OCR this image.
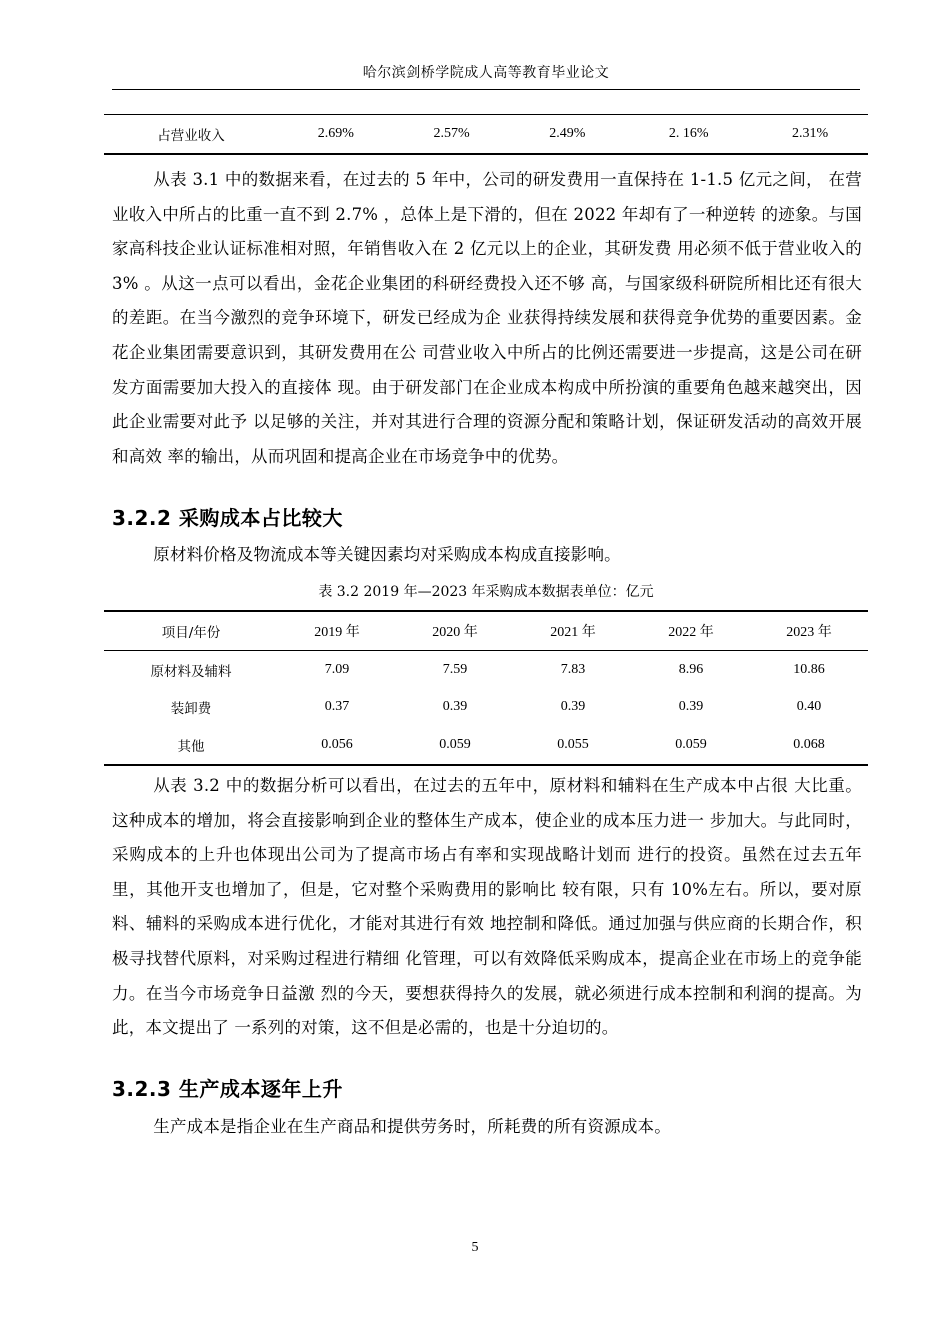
哈尔滨剑桥学院成人高等教育毕业论文
占营业收入	2.69%	2.57%	2.49%	2. 16%	2.31%
从表 3.1 中的数据来看，在过去的 5 年中，公司的研发费用一直保持在 1-1.5 亿元之间， 在营业收入中所占的比重一直不到 2.7% ，总体上是下滑的，但在 2022 年却有了一种逆转 的迹象。与国家高科技企业认证标准相对照，年销售收入在 2 亿元以上的企业，其研发费 用必须不低于营业收入的 3% 。从这一点可以看出，金花企业集团的科研经费投入还不够 高，与国家级科研院所相比还有很大的差距。在当今激烈的竞争环境下，研发已经成为企 业获得持续发展和获得竞争优势的重要因素。金花企业集团需要意识到，其研发费用在公 司营业收入中所占的比例还需要进一步提高，这是公司在研发方面需要加大投入的直接体 现。由于研发部门在企业成本构成中所扮演的重要角色越来越突出，因此企业需要对此予 以足够的关注，并对其进行合理的资源分配和策略计划，保证研发活动的高效开展和高效 率的输出，从而巩固和提高企业在市场竞争中的优势。
3.2.2 采购成本占比较大
原材料价格及物流成本等关键因素均对采购成本构成直接影响。
表 3.2 2019 年—2023 年采购成本数据表单位：亿元
项目/年份	2019 年	2020 年	2021 年	2022 年	2023 年
原材料及辅料	7.09	7.59	7.83	8.96	10.86
装卸费	0.37	0.39	0.39	0.39	0.40
其他	0.056	0.059	0.055	0.059	0.068
从表 3.2 中的数据分析可以看出，在过去的五年中，原材料和辅料在生产成本中占很 大比重。这种成本的增加，将会直接影响到企业的整体生产成本，使企业的成本压力进一 步加大。与此同时，采购成本的上升也体现出公司为了提高市场占有率和实现战略计划而 进行的投资。虽然在过去五年里，其他开支也增加了，但是，它对整个采购费用的影响比 较有限，只有 10%左右。所以，要对原料、辅料的采购成本进行优化，才能对其进行有效 地控制和降低。通过加强与供应商的长期合作，积极寻找替代原料，对采购过程进行精细 化管理，可以有效降低采购成本，提高企业在市场上的竞争能力。在当今市场竞争日益激 烈的今天，要想获得持久的发展，就必须进行成本控制和利润的提高。为此，本文提出了 一系列的对策，这不但是必需的，也是十分迫切的。
3.2.3 生产成本逐年上升
生产成本是指企业在生产商品和提供劳务时，所耗费的所有资源成本。
5
